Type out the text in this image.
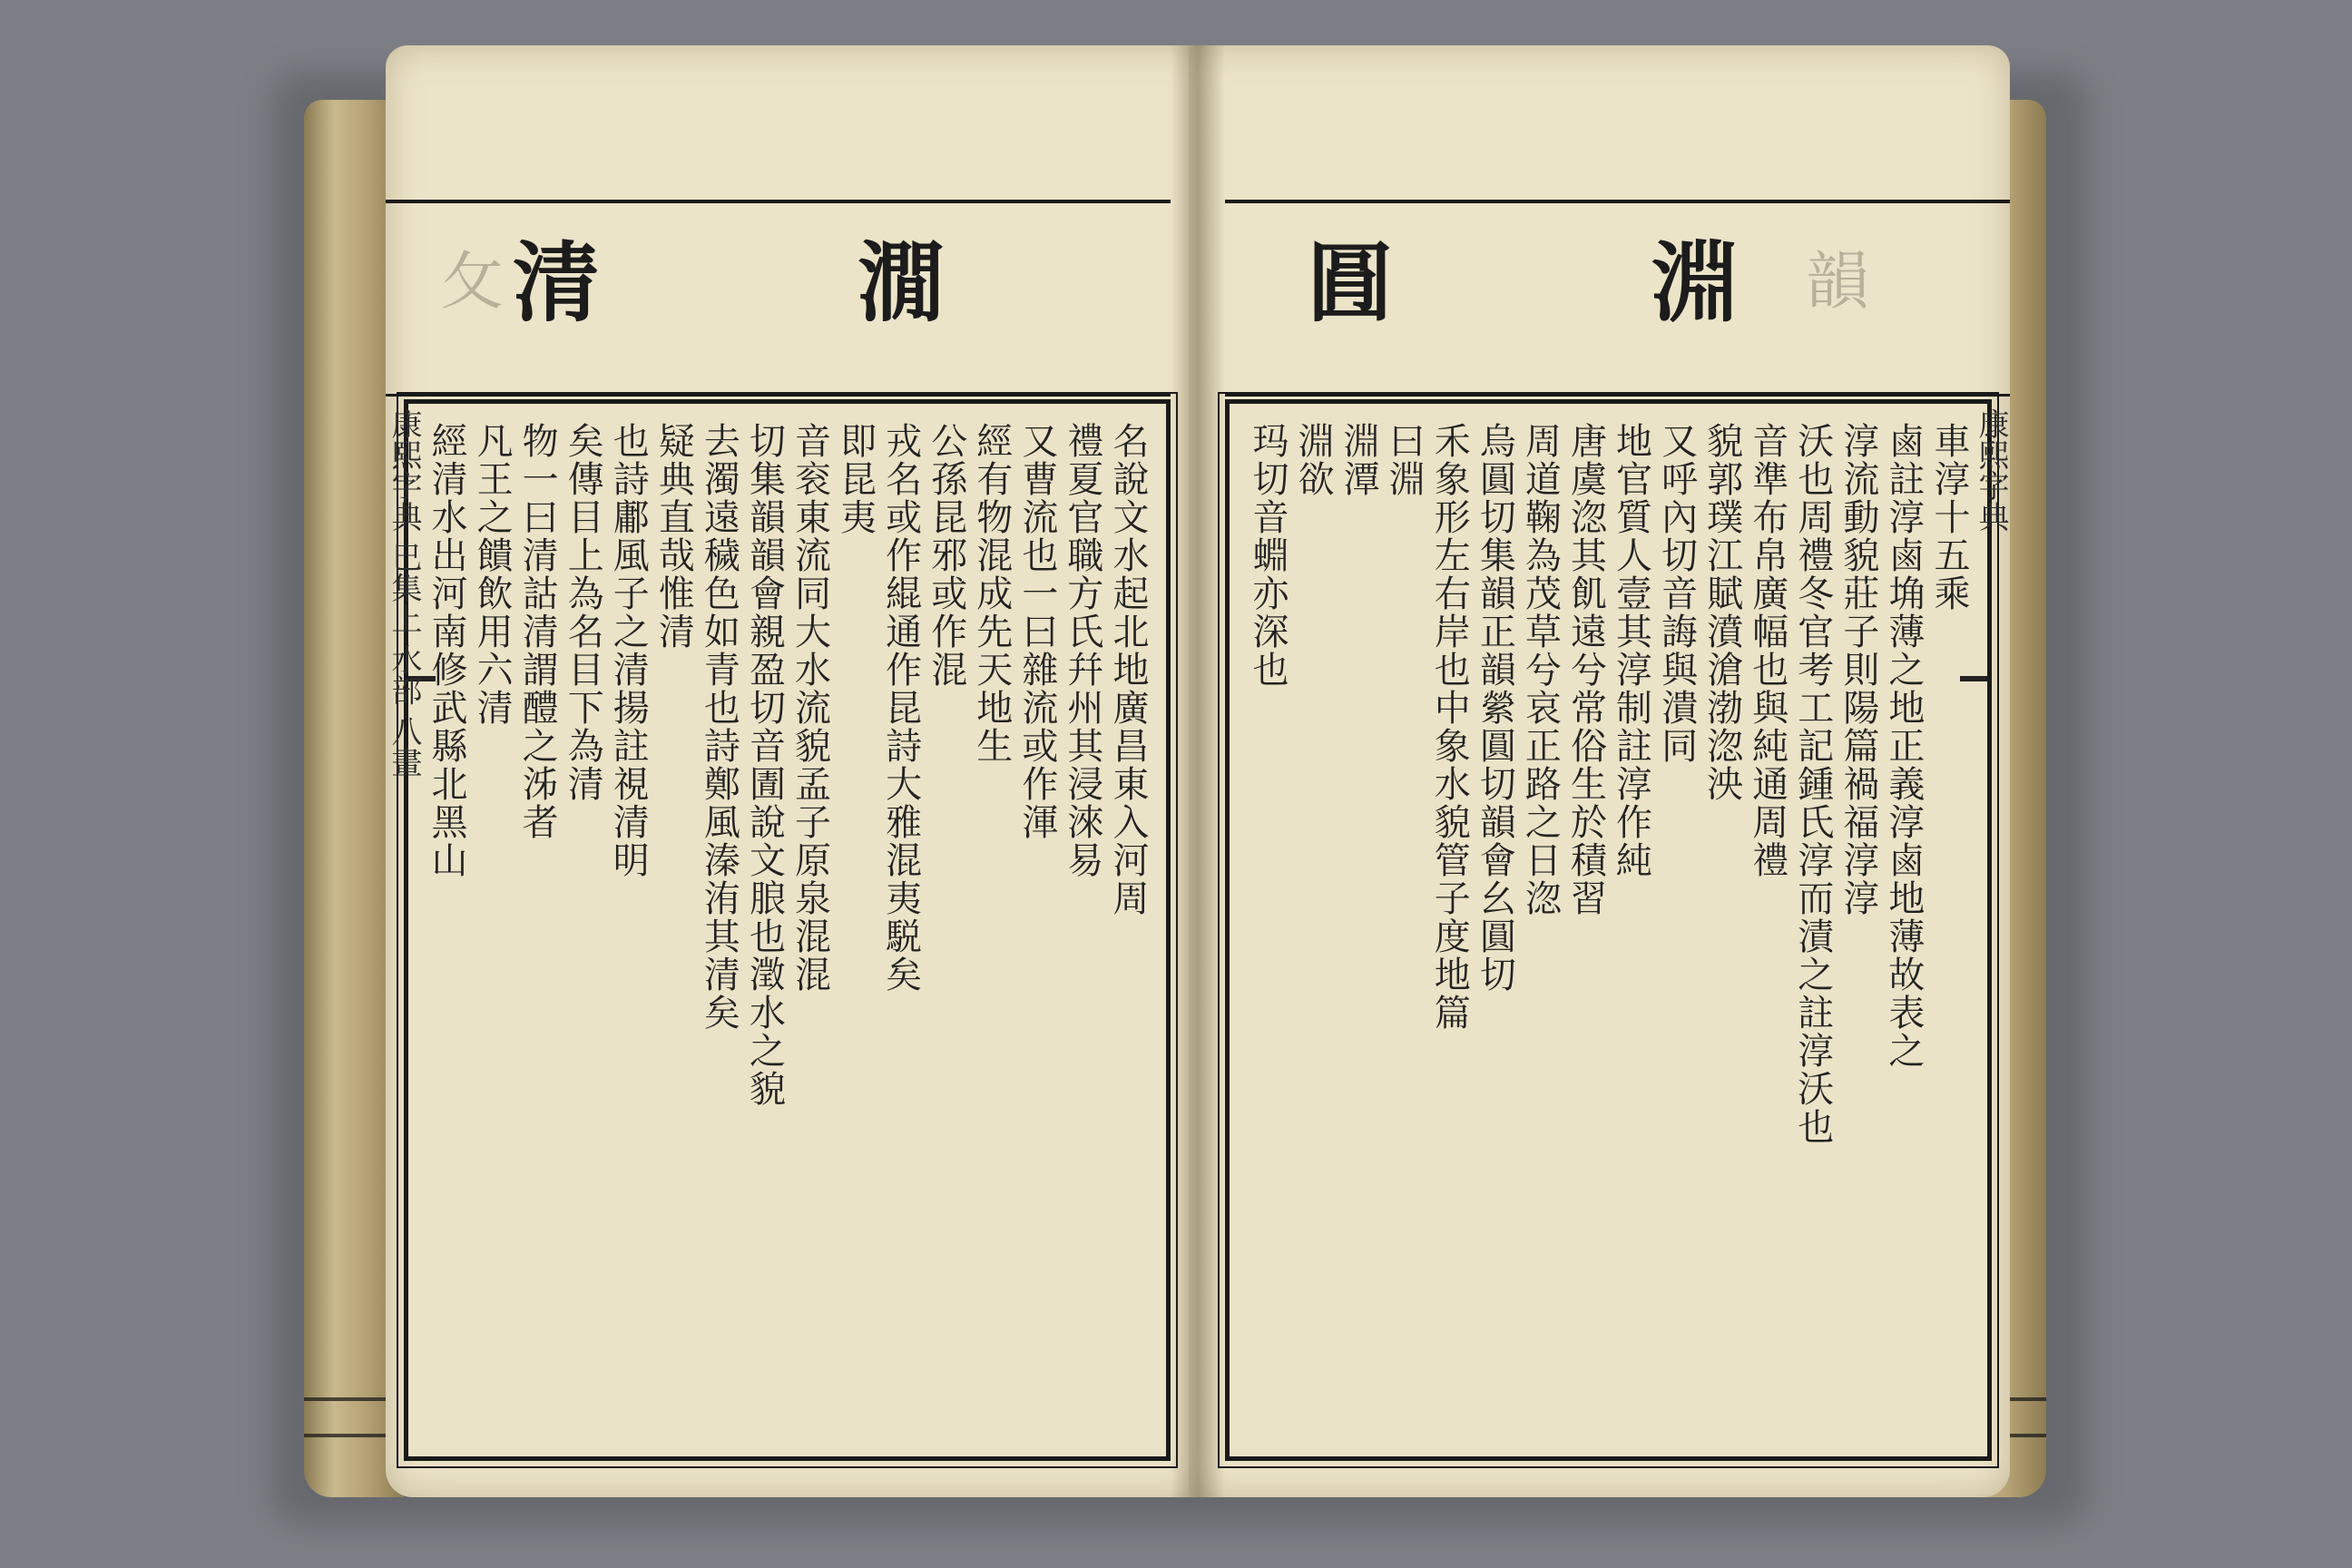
⺙	㵎
清
名說文水起北地廣昌東入河周
禮夏官職方氏幷州其浸淶易
又曹流也一曰雜流或作渾
經有物混成先天地生
公孫昆邪或作混
戎名或作緄通作昆詩大雅混夷駾矣
即昆夷
音衮東流同大水流貌孟子原泉混混
切集韻韻會親盈切音圊說文朖也澂水之貌
去濁遠穢色如青也詩鄭風溱洧其清矣
疑典直哉惟清
也詩鄘風子之清揚註視清明
矣傳目上為名目下為清
物一曰清詁清謂醴之泲者
凡王之饋飲用六清
經清水出河南修武縣北黑山
康熙字典 巳集上 水部 八畫
淵
㘣	韻
車淳十五乘
鹵註淳鹵埆薄之地正義淳鹵地薄故表之
淳流動貌莊子則陽篇禍福淳淳
沃也周禮冬官考工記鍾氏淳而漬之註淳沃也
音準布帛廣幅也與純通周禮
貌郭璞江賦濆滄渤淴泱
又呼內切音誨與潰同
地官質人壹其淳制註淳作純
唐虞淴其飢遠兮常俗生於積習
周道鞠為茂草兮哀正路之日淴
烏圓切集韻正韻縈圓切韻會幺圓切
禾象形左右岸也中象水貌管子度地篇
曰淵
淵潭
淵欲
玛切音蜵亦深也	康熙字典
